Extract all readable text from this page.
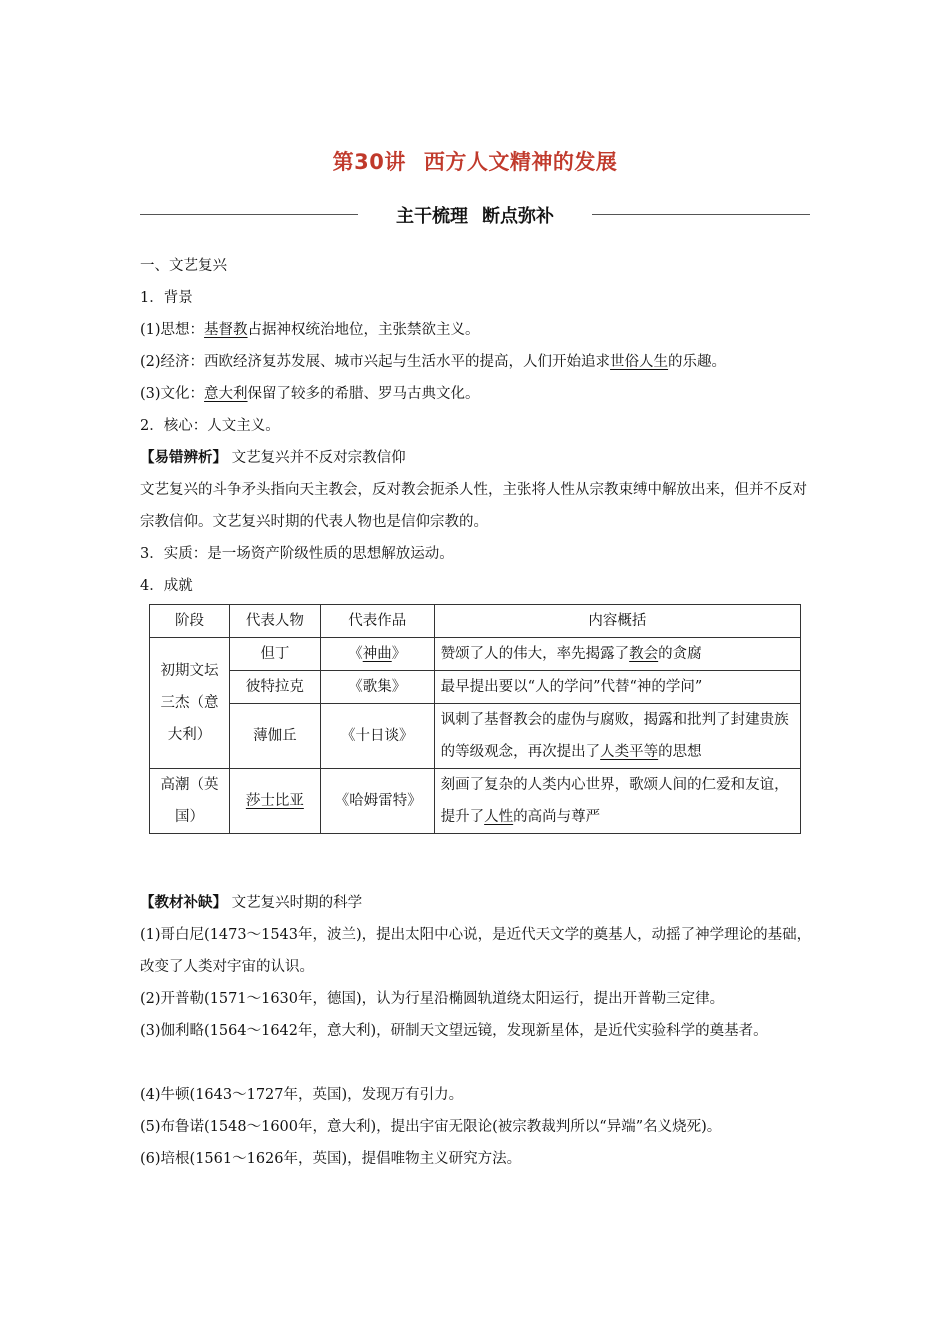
第30讲 西方人文精神的发展
主干梳理 断点弥补
一、文艺复兴
1．背景
(1)思想：基督教占据神权统治地位，主张禁欲主义。
(2)经济：西欧经济复苏发展、城市兴起与生活水平的提高，人们开始追求世俗人生的乐趣。
(3)文化：意大利保留了较多的希腊、罗马古典文化。
2．核心：人文主义。
【易错辨析】 文艺复兴并不反对宗教信仰
文艺复兴的斗争矛头指向天主教会，反对教会扼杀人性，主张将人性从宗教束缚中解放出来，但并不反对宗教信仰。文艺复兴时期的代表人物也是信仰宗教的。
3．实质：是一场资产阶级性质的思想解放运动。
4．成就
阶段	代表人物	代表作品	内容概括
初期文坛三杰（意大利）	但丁	《神曲》	赞颂了人的伟大，率先揭露了教会的贪腐
	彼特拉克	《歌集》	最早提出要以“人的学问”代替“神的学问”
	薄伽丘	《十日谈》	讽刺了基督教会的虚伪与腐败，揭露和批判了封建贵族的等级观念，再次提出了人类平等的思想
高潮（英国）	莎士比亚	《哈姆雷特》	刻画了复杂的人类内心世界，歌颂人间的仁爱和友谊，提升了人性的高尚与尊严
【教材补缺】 文艺复兴时期的科学
(1)哥白尼(1473～1543年，波兰)，提出太阳中心说，是近代天文学的奠基人，动摇了神学理论的基础，改变了人类对宇宙的认识。
(2)开普勒(1571～1630年，德国)，认为行星沿椭圆轨道绕太阳运行，提出开普勒三定律。
(3)伽利略(1564～1642年，意大利)，研制天文望远镜，发现新星体，是近代实验科学的奠基者。
(4)牛顿(1643～1727年，英国)，发现万有引力。
(5)布鲁诺(1548～1600年，意大利)，提出宇宙无限论(被宗教裁判所以“异端”名义烧死)。
(6)培根(1561～1626年，英国)，提倡唯物主义研究方法。
